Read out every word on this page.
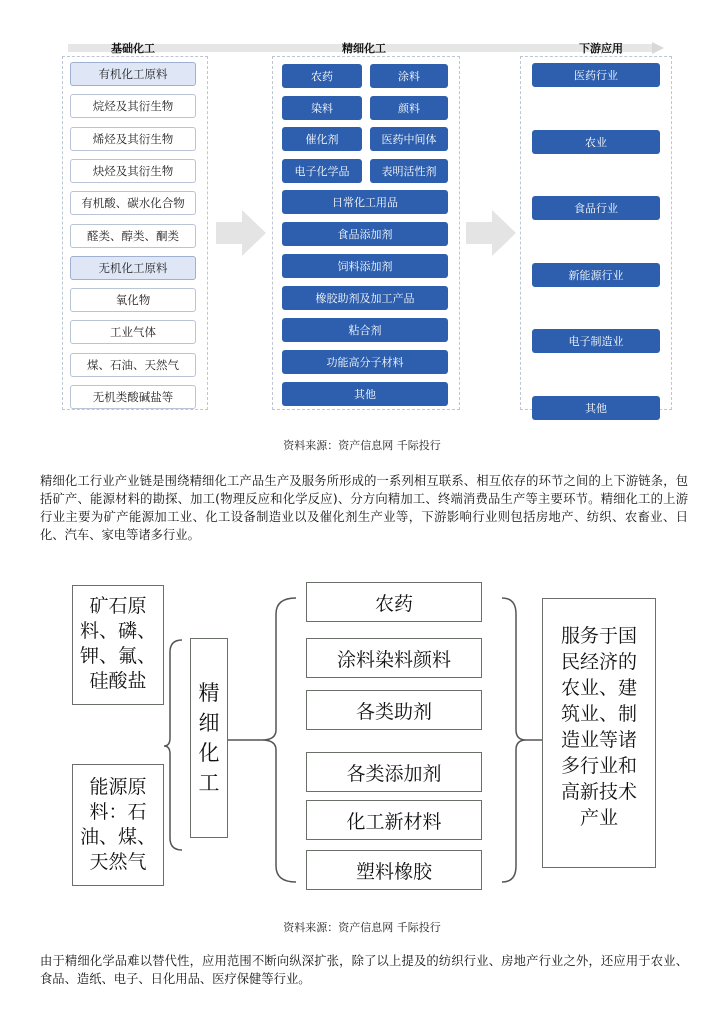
基础化工	精细化工	下游应用
有机化工原料
烷烃及其衍生物
烯烃及其衍生物
炔烃及其衍生物
有机酸、碳水化合物
醛类、醇类、酮类
无机化工原料
氧化物
工业气体
煤、石油、天然气
无机类酸碱盐等
农药	涂料
染料	颜料
催化剂	医药中间体
电子化学品	表明活性剂
日常化工用品
食品添加剂
饲料添加剂
橡胶助剂及加工产品
粘合剂
功能高分子材料
其他
医药行业
农业
食品行业
新能源行业
电子制造业
其他
资料来源：资产信息网 千际投行
精细化工行业产业链是围绕精细化工产品生产及服务所形成的一系列相互联系、相互依存的环节之间的上下游链条，包括矿产、能源材料的勘探、加工(物理反应和化学反应)、分方向精加工、终端消费品生产等主要环节。精细化工的上游行业主要为矿产能源加工业、化工设备制造业以及催化剂生产业等，下游影响行业则包括房地产、纺织、农畜业、日化、汽车、家电等诸多行业。
矿石原料、磷、钾、氟、硅酸盐
能源原料：石油、煤、天然气
精细化工
农药
涂料染料颜料
各类助剂
各类添加剂
化工新材料
塑料橡胶
服务于国民经济的农业、建筑业、制造业等诸多行业和高新技术产业
资料来源：资产信息网 千际投行
由于精细化学品难以替代性，应用范围不断向纵深扩张，除了以上提及的纺织行业、房地产行业之外，还应用于农业、食品、造纸、电子、日化用品、医疗保健等行业。
